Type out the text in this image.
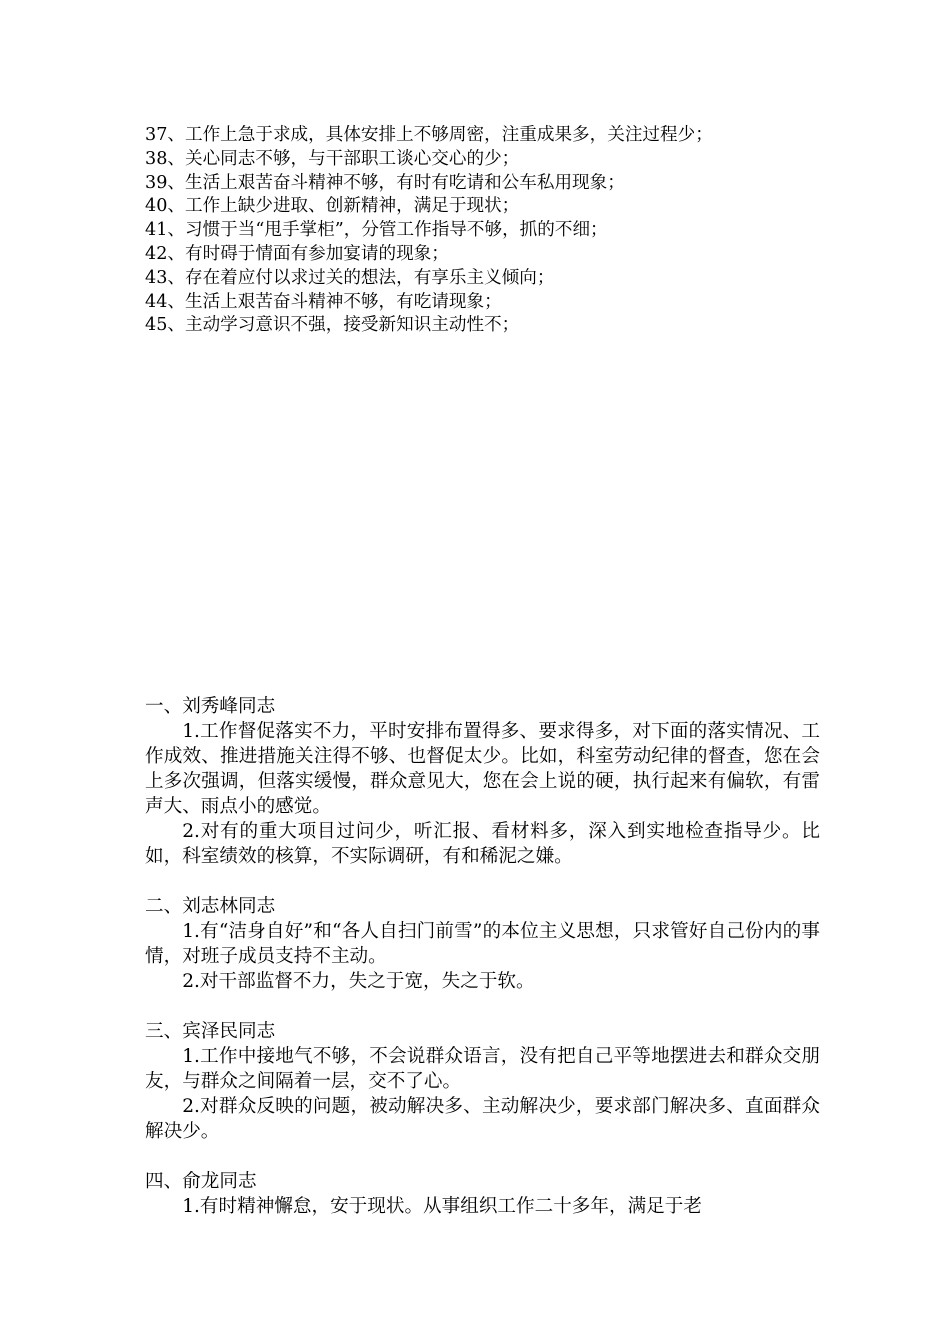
37、工作上急于求成，具体安排上不够周密，注重成果多，关注过程少；
38、关心同志不够，与干部职工谈心交心的少；
39、生活上艰苦奋斗精神不够，有时有吃请和公车私用现象；
40、工作上缺少进取、创新精神，满足于现状；
41、习惯于当“甩手掌柜”，分管工作指导不够，抓的不细；
42、有时碍于情面有参加宴请的现象；
43、存在着应付以求过关的想法，有享乐主义倾向；
44、生活上艰苦奋斗精神不够，有吃请现象；
45、主动学习意识不强，接受新知识主动性不；
一、刘秀峰同志

1.工作督促落实不力，平时安排布置得多、要求得多，对下面的落实情况、工作成效、推进措施关注得不够、也督促太少。比如，科室劳动纪律的督查，您在会上多次强调，但落实缓慢，群众意见大，您在会上说的硬，执行起来有偏软，有雷声大、雨点小的感觉。

2.对有的重大项目过问少，听汇报、看材料多，深入到实地检查指导少。比如，科室绩效的核算，不实际调研，有和稀泥之嫌。

二、刘志林同志

1.有“洁身自好”和“各人自扫门前雪”的本位主义思想，只求管好自己份内的事情，对班子成员支持不主动。

2.对干部监督不力，失之于宽，失之于软。

三、宾泽民同志

1.工作中接地气不够，不会说群众语言，没有把自己平等地摆进去和群众交朋友，与群众之间隔着一层，交不了心。

2.对群众反映的问题，被动解决多、主动解决少，要求部门解决多、直面群众解决少。

四、俞龙同志

1.有时精神懈怠，安于现状。从事组织工作二十多年，满足于老
